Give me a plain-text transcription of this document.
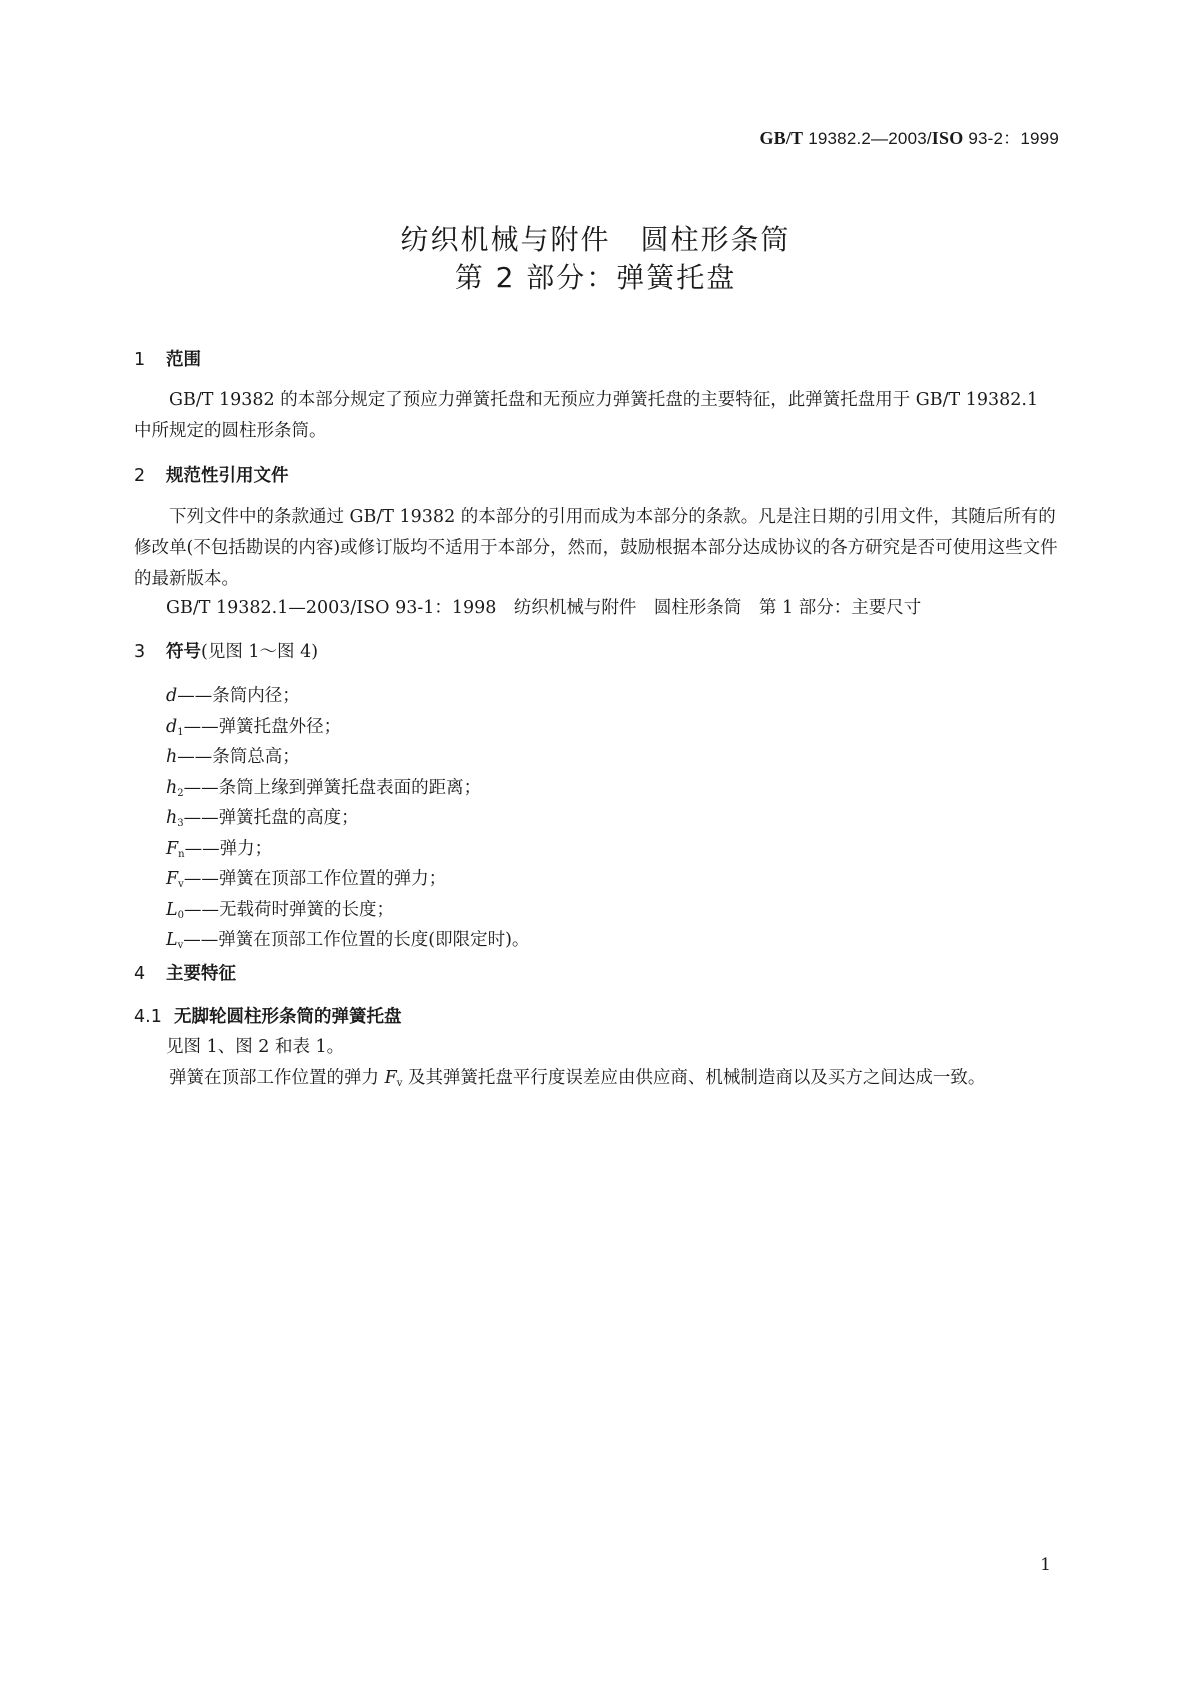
GB/T 19382.2—2003/ISO 93-2：1999
纺织机械与附件　圆柱形条筒
第 2 部分：弹簧托盘
1 范围
GB/T 19382 的本部分规定了预应力弹簧托盘和无预应力弹簧托盘的主要特征，此弹簧托盘用于 GB/T 19382.1 中所规定的圆柱形条筒。
2 规范性引用文件
下列文件中的条款通过 GB/T 19382 的本部分的引用而成为本部分的条款。凡是注日期的引用文件，其随后所有的修改单(不包括勘误的内容)或修订版均不适用于本部分，然而，鼓励根据本部分达成协议的各方研究是否可使用这些文件的最新版本。
GB/T 19382.1—2003/ISO 93-1：1998　纺织机械与附件　圆柱形条筒　第 1 部分：主要尺寸
3 符号(见图 1～图 4)
d——条筒内径；
$d_1——$弹簧托盘外径；
h——条筒总高；
$h_2——$条筒上缘到弹簧托盘表面的距离；
$h_3——$弹簧托盘的高度；
$F_n——$弹力；
$F_v——$弹簧在顶部工作位置的弹力；
$L_0——$无载荷时弹簧的长度；
$L_v——$弹簧在顶部工作位置的长度(即限定时)。
4 主要特征
4.1 无脚轮圆柱形条筒的弹簧托盘
见图 1、图 2 和表 1。
弹簧在顶部工作位置的弹力 $F_v$ 及其弹簧托盘平行度误差应由供应商、机械制造商以及买方之间达成一致。
1
